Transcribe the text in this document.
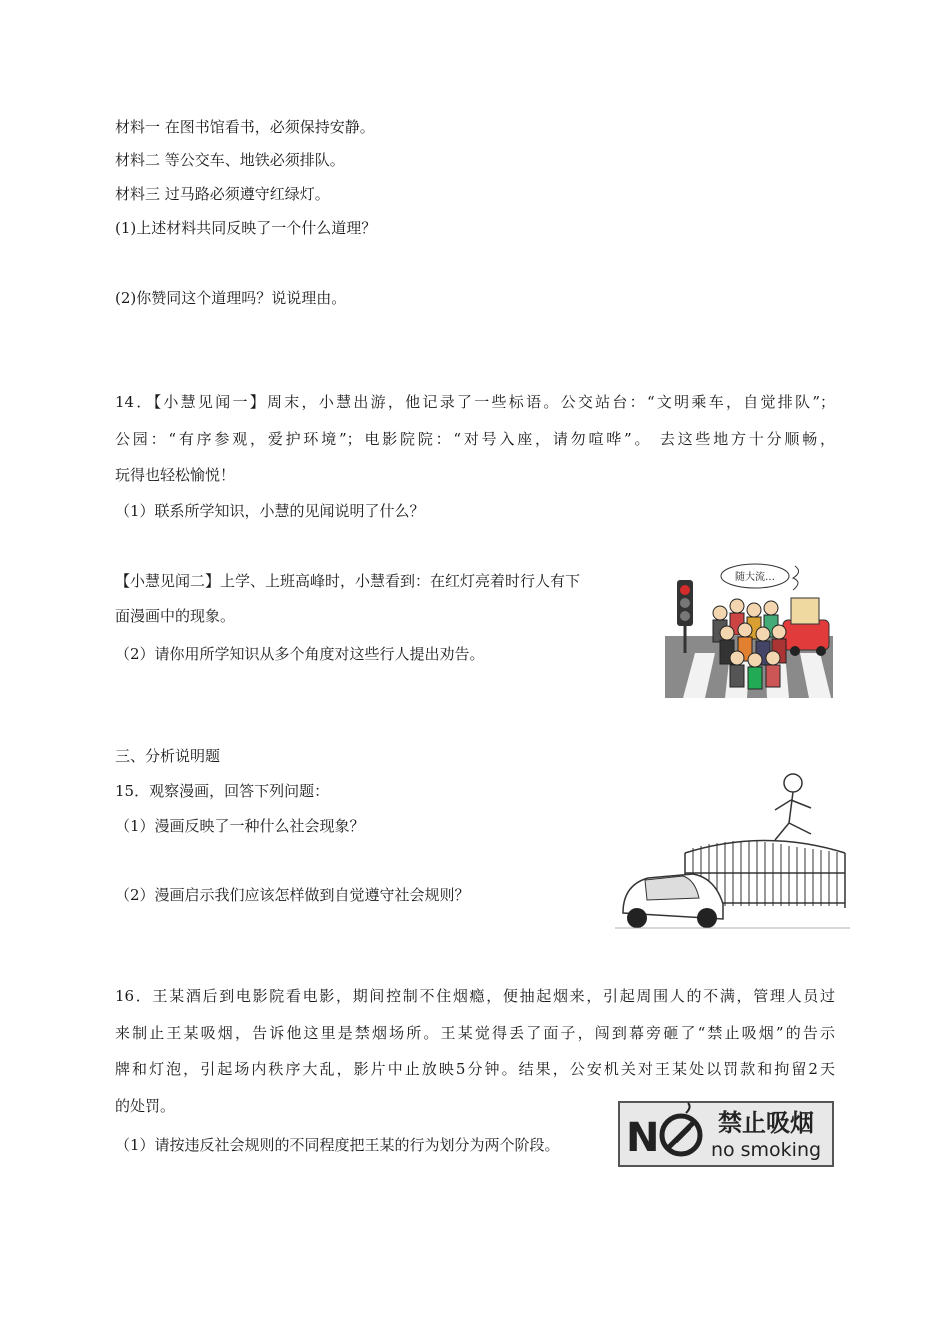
材料一 在图书馆看书，必须保持安静。
材料二 等公交车、地铁必须排队。
材料三 过马路必须遵守红绿灯。
(1)上述材料共同反映了一个什么道理？
(2)你赞同这个道理吗？说说理由。
14．【小慧见闻一】周末，小慧出游，他记录了一些标语。公交站台：“文明乘车，自觉排队”；
公园：“有序参观，爱护环境”；电影院院：“对号入座，请勿喧哗”。 去这些地方十分顺畅，
玩得也轻松愉悦！
（1）联系所学知识，小慧的见闻说明了什么？
【小慧见闻二】上学、上班高峰时，小慧看到：在红灯亮着时行人有下
面漫画中的现象。
（2）请你用所学知识从多个角度对这些行人提出劝告。
随大流…
三、分析说明题
15．观察漫画，回答下列问题：
（1）漫画反映了一种什么社会现象？
（2）漫画启示我们应该怎样做到自觉遵守社会规则？
16．王某酒后到电影院看电影，期间控制不住烟瘾，便抽起烟来，引起周围人的不满，管理人员过
来制止王某吸烟，告诉他这里是禁烟场所。王某觉得丢了面子，闯到幕旁砸了“禁止吸烟”的告示
牌和灯泡，引起场内秩序大乱，影片中止放映5分钟。结果，公安机关对王某处以罚款和拘留2天
的处罚。
（1）请按违反社会规则的不同程度把王某的行为划分为两个阶段。 N 禁止吸烟
no smoking
